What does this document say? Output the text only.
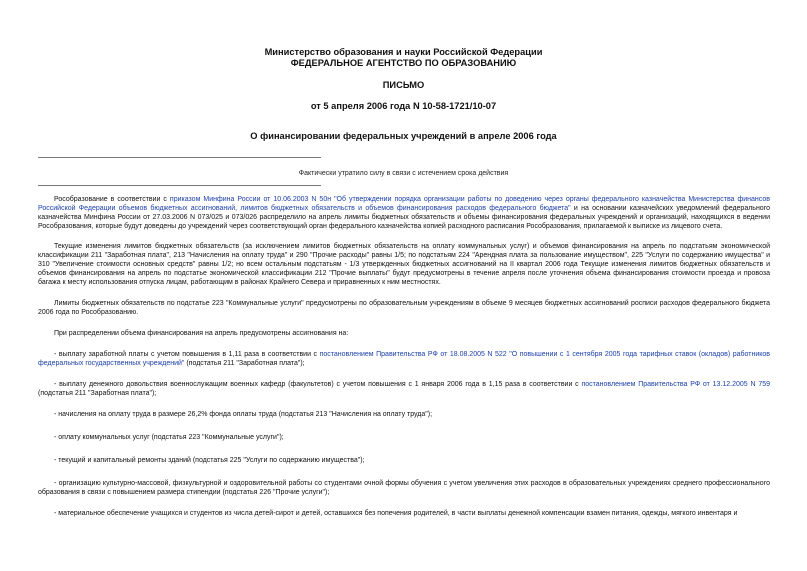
Министерство образования и науки Российской Федерации
ФЕДЕРАЛЬНОЕ АГЕНТСТВО ПО ОБРАЗОВАНИЮ
ПИСЬМО
от 5 апреля 2006 года N 10-58-1721/10-07
О финансировании федеральных учреждений в апреле 2006 года
Фактически утратило силу в связи с истечением срока действия

Рособразование в соответствии с приказом Минфина России от 10.06.2003 N 50н "Об утверждении порядка организации работы по доведению через органы федерального казначейства Министерства финансов Российской Федерации объемов бюджетных ассигнований, лимитов бюджетных обязательств и объемов финансирования расходов федерального бюджета" и на основании казначейских уведомлений федерального казначейства Минфина России от 27.03.2006 N 073/025 и 073/026 распределило на апрель лимиты бюджетных обязательств и объемы финансирования федеральных учреждений и организаций, находящихся в ведении Рособразования, которые будут доведены до учреждений через соответствующий орган федерального казначейства копией расходного расписания Рособразования, прилагаемой к выписке из лицевого счета.

Текущие изменения лимитов бюджетных обязательств (за исключением лимитов бюджетных обязательств на оплату коммунальных услуг) и объемов финансирования на апрель по подстатьям экономической классификации 211 "Заработная плата", 213 "Начисления на оплату труда" и 290 "Прочие расходы" равны 1/5; по подстатьям 224 "Арендная плата за пользование имуществом", 225 "Услуги по содержанию имущества" и 310 "Увеличение стоимости основных средств" равны 1/2; но всем остальным подстатьям - 1/3 утвержденных бюджетных ассигнований на II квартал 2006 года Текущие изменения лимитов бюджетных обязательств и объемов финансирования на апрель по подстатье экономической классификации 212 "Прочие выплаты" будут предусмотрены в течение апреля после уточнения объема финансирования стоимости проезда и провоза багажа к месту использования отпуска лицам, работающим в районах Крайнего Севера и приравненных к ним местностях.

Лимиты бюджетных обязательств по подстатье 223 "Коммунальные услуги" предусмотрены по образовательным учреждениям в объеме 9 месяцев бюджетных ассигнований росписи расходов федерального бюджета 2006 года по Рособразованию.

При распределении объема финансирования на апрель предусмотрены ассигнования на:

- выплату заработной платы с учетом повышения в 1,11 раза в соответствии с постановлением Правительства РФ от 18.08.2005 N 522 "О повышении с 1 сентября 2005 года тарифных ставок (окладов) работников федеральных государственных учреждений" (подстатья 211 "Заработная плата");

- выплату денежного довольствия военнослужащим военных кафедр (факультетов) с учетом повышения с 1 января 2006 года в 1,15 раза в соответствии с постановлением Правительства РФ от 13.12.2005 N 759 (подстатья 211 "Заработная плата");

- начисления на оплату труда в размере 26,2% фонда оплаты труда (подстатья 213 "Начисления на оплату труда");

- оплату коммунальных услуг (подстатья 223 "Коммунальные услуги");

- текущий и капитальный ремонты зданий (подстатья 225 "Услуги по содержанию имущества");

- организацию культурно-массовой, физкультурной и оздоровительной работы со студентами очной формы обучения с учетом увеличения этих расходов в образовательных учреждениях среднего профессионального образования в связи с повышением размера стипендии (подстатья 226 "Прочие услуги");

- материальное обеспечение учащихся и студентов из числа детей-сирот и детей, оставшихся без попечения родителей, в части выплаты денежной компенсации взамен питания, одежды, мягкого инвентаря и
